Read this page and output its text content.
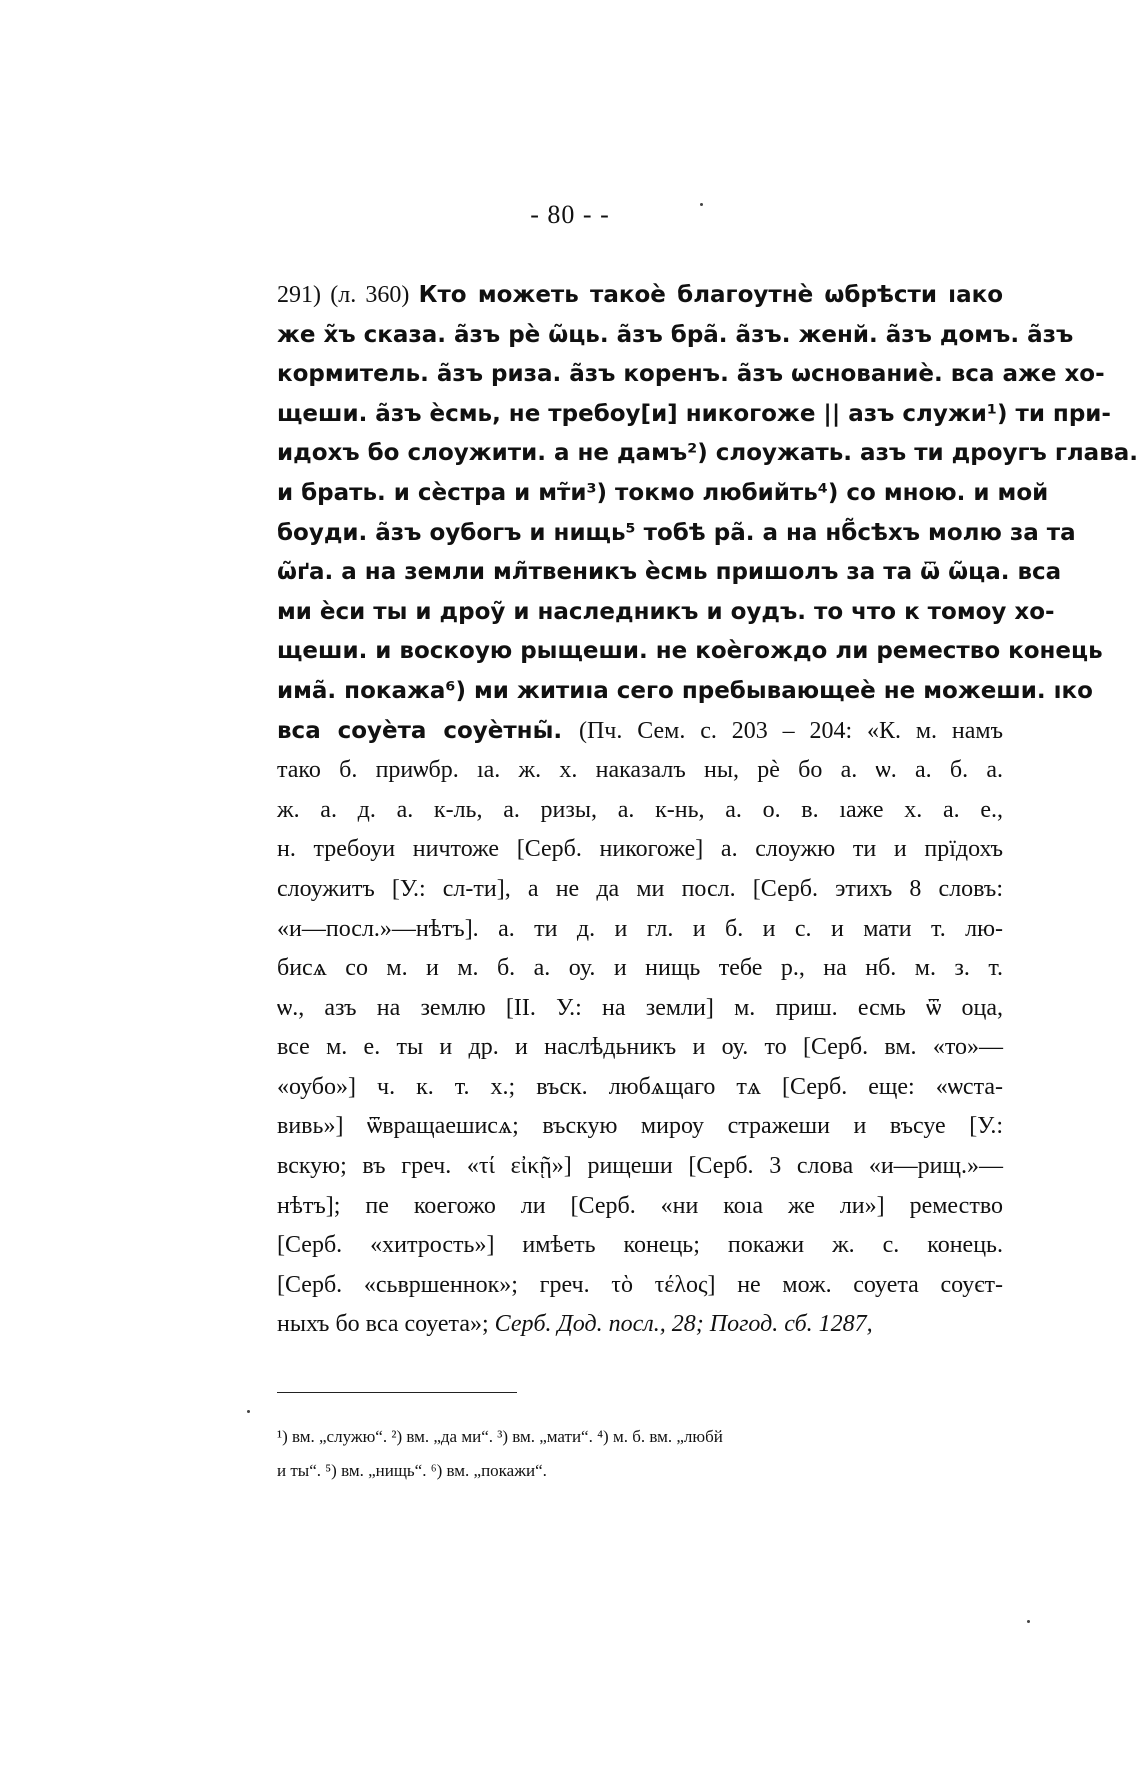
- 80 - -
291) (л. 360) Кто можеть такоѐ благоутнѐ ѡбрѣсти ıако
же х̃ъ сказа. а̃зъ рѐ ѡ̃ць. а̃зъ бра̃. а̃зъ. женй. а̃зъ домъ. а̃зъ
кормитель. а̃зъ риза. а̃зъ коренъ. а̃зъ ѡснованиѐ. вса аже хо-
щеши. а̃зъ ѐсмь, не требоу[и] никогоже || азъ служи¹) ти при-
идохъ бо слоужити. а не дамъ²) слоужать. азъ ти дроугъ глава.
и брать. и сѐстра и мт̃и³) токмо любийть⁴) со мною. и мой
боуди. а̃зъ оубогъ и нищь⁵ тобѣ ра̃. а на нб̃сѣхъ молю за та
ѡ̃ґа. а на земли мл̃твеникъ ѐсмь пришолъ за та ѿ ѡ̃ца. вса
ми ѐси ты и дроу̃ и наследникъ и оудъ. то что к томоу хо-
щеши. и воскоую рыщеши. не коѐгождо ли ремество конець
има̃. покажа⁶) ми житиıа сего пребывающеѐ не можеши. ıко
вса соуѐта соуѐтны̃. (Пч. Сем. с. 203 – 204: «К. м. намъ
тако б. приѡбр. ıа. ж. х. наказалъ ны, рѐ бо а. ѡ. а. б. а.
ж. а. д. а. к-ль, а. ризы, а. к-нь, а. о. в. ıаже х. а. е.,
н. требоуи ничтоже [Серб. никогоже] а. слоужю ти и прїдохъ
слоужитъ [У.: сл-ти], а не да ми посл. [Серб. этихъ 8 словъ:
«и—посл.»—нѣтъ]. а. ти д. и гл. и б. и с. и мати т. лю-
бисѧ со м. и м. б. а. оу. и нищь тебе р., на нб. м. з. т.
ѡ., азъ на землю [II. У.: на земли] м. приш. есмь ѿ оца,
все м. е. ты и др. и наслѣдьникъ и оу. то [Серб. вм. «то»—
«оубо»] ч. к. т. х.; въск. любѧщаго тѧ [Серб. еще: «ѡста-
вивь»] ѿвращаешисѧ; въскую мироу стражеши и въсуе [У.:
вскую; въ греч. «τί εἰκῇ»] рищеши [Серб. 3 слова «и—рищ.»—
нѣтъ]; пе коегожо ли [Серб. «ни коıа же ли»] ремество
[Серб. «хитрость»] имѣеть конець; покажи ж. с. конець.
[Серб. «сьвршеннок»; греч. τὸ τέλος] не мож. соуета соуєт-
ныхъ бо вса соуета»; Серб. Дод. посл., 28; Погод. сб. 1287,
¹) вм. „служю“. ²) вм. „да ми“. ³) вм. „мати“. ⁴) м. б. вм. „любй
и ты“. ⁵) вм. „нищь“. ⁶) вм. „покажи“.
